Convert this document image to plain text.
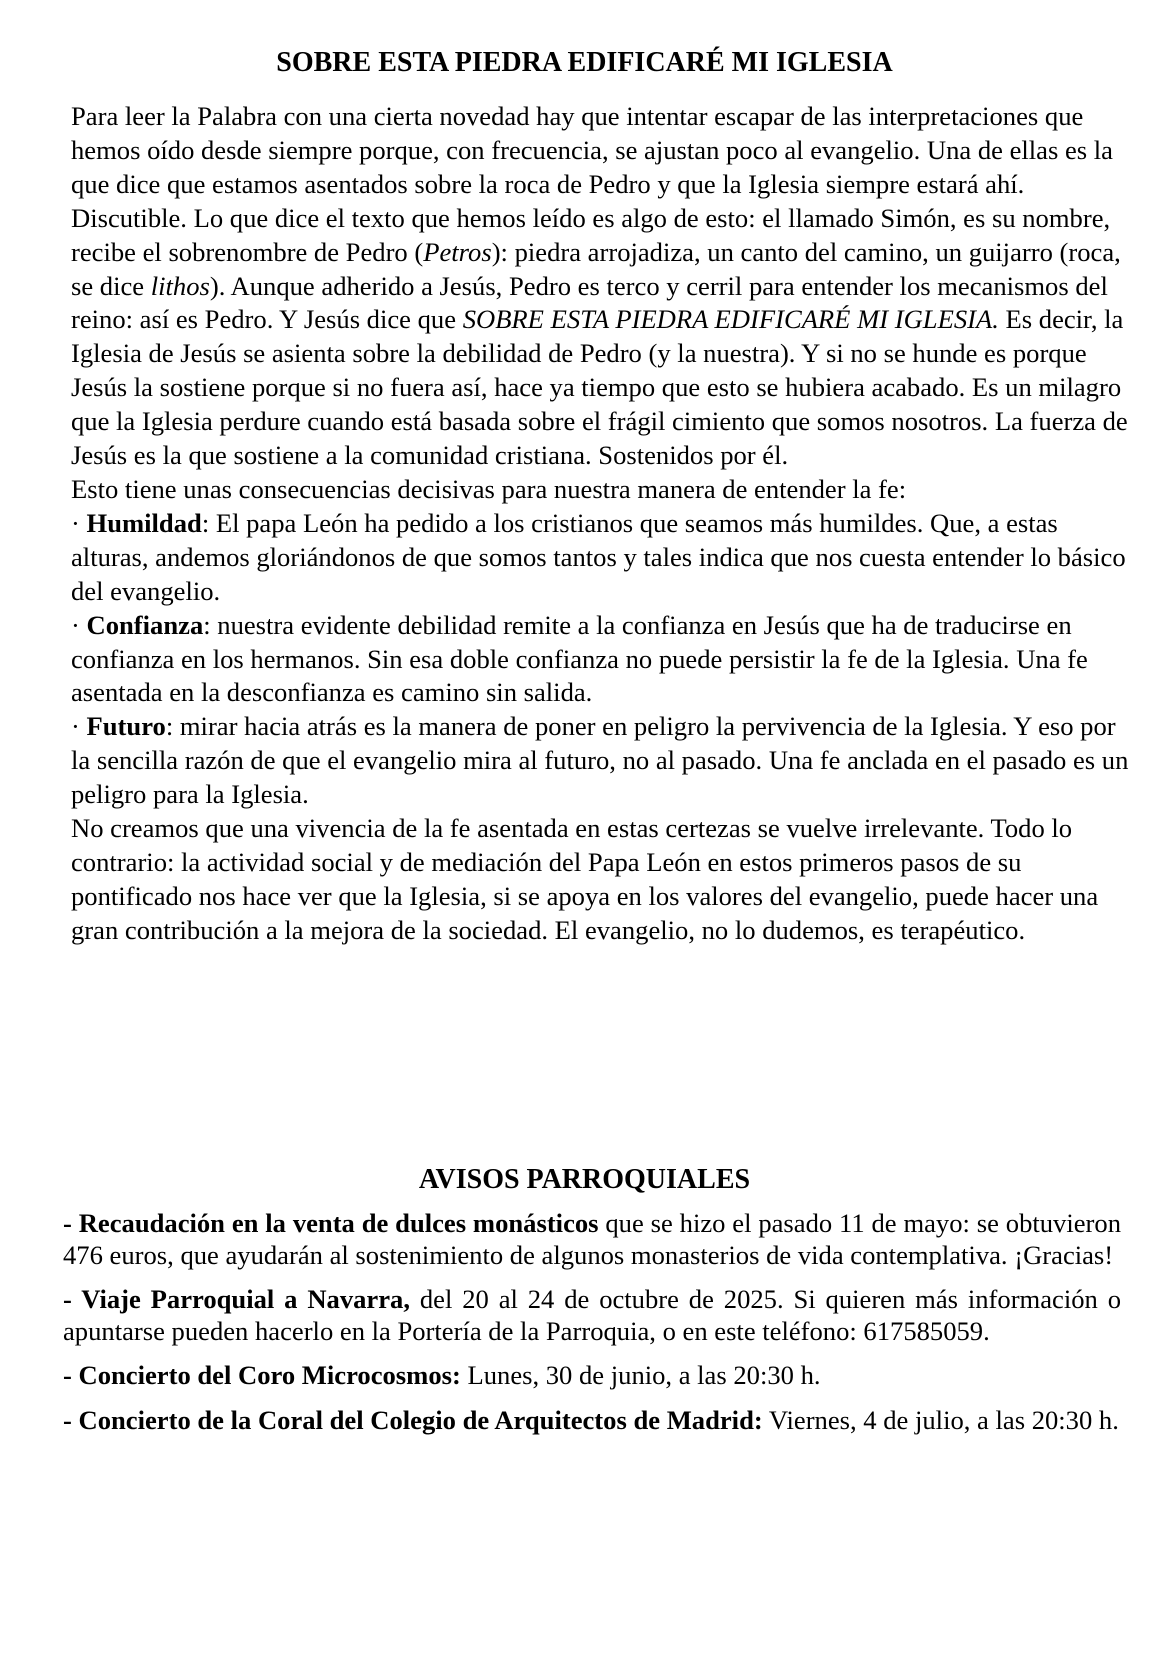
SOBRE ESTA PIEDRA EDIFICARÉ MI IGLESIA

Para leer la Palabra con una cierta novedad hay que intentar escapar de las interpretaciones que hemos oído desde siempre porque, con frecuencia, se ajustan poco al evangelio. Una de ellas es la que dice que estamos asentados sobre la roca de Pedro y que la Iglesia siempre estará ahí. Discutible. Lo que dice el texto que hemos leído es algo de esto: el llamado Simón, es su nombre, recibe el sobrenombre de Pedro (Petros): piedra arrojadiza, un canto del camino, un guijarro (roca, se dice lithos). Aunque adherido a Jesús, Pedro es terco y cerril para entender los mecanismos del reino: así es Pedro. Y Jesús dice que SOBRE ESTA PIEDRA EDIFICARÉ MI IGLESIA. Es decir, la Iglesia de Jesús se asienta sobre la debilidad de Pedro (y la nuestra). Y si no se hunde es porque Jesús la sostiene porque si no fuera así, hace ya tiempo que esto se hubiera acabado. Es un milagro que la Iglesia perdure cuando está basada sobre el frágil cimiento que somos nosotros. La fuerza de Jesús es la que sostiene a la comunidad cristiana. Sostenidos por él.

Esto tiene unas consecuencias decisivas para nuestra manera de entender la fe:

· Humildad: El papa León ha pedido a los cristianos que seamos más humildes. Que, a estas alturas, andemos gloriándonos de que somos tantos y tales indica que nos cuesta entender lo básico del evangelio.

· Confianza: nuestra evidente debilidad remite a la confianza en Jesús que ha de traducirse en confianza en los hermanos. Sin esa doble confianza no puede persistir la fe de la Iglesia. Una fe asentada en la desconfianza es camino sin salida.

· Futuro: mirar hacia atrás es la manera de poner en peligro la pervivencia de la Iglesia. Y eso por la sencilla razón de que el evangelio mira al futuro, no al pasado. Una fe anclada en el pasado es un peligro para la Iglesia.

No creamos que una vivencia de la fe asentada en estas certezas se vuelve irrelevante. Todo lo contrario: la actividad social y de mediación del Papa León en estos primeros pasos de su pontificado nos hace ver que la Iglesia, si se apoya en los valores del evangelio, puede hacer una gran contribución a la mejora de la sociedad. El evangelio, no lo dudemos, es terapéutico.

AVISOS PARROQUIALES

- Recaudación en la venta de dulces monásticos que se hizo el pasado 11 de mayo: se obtuvieron 476 euros, que ayudarán al sostenimiento de algunos monasterios de vida contemplativa. ¡Gracias!

- Viaje Parroquial a Navarra, del 20 al 24 de octubre de 2025. Si quieren más información o apuntarse pueden hacerlo en la Portería de la Parroquia, o en este teléfono: 617585059.

- Concierto del Coro Microcosmos: Lunes, 30 de junio, a las 20:30 h.

- Concierto de la Coral del Colegio de Arquitectos de Madrid: Viernes, 4 de julio, a las 20:30 h.
